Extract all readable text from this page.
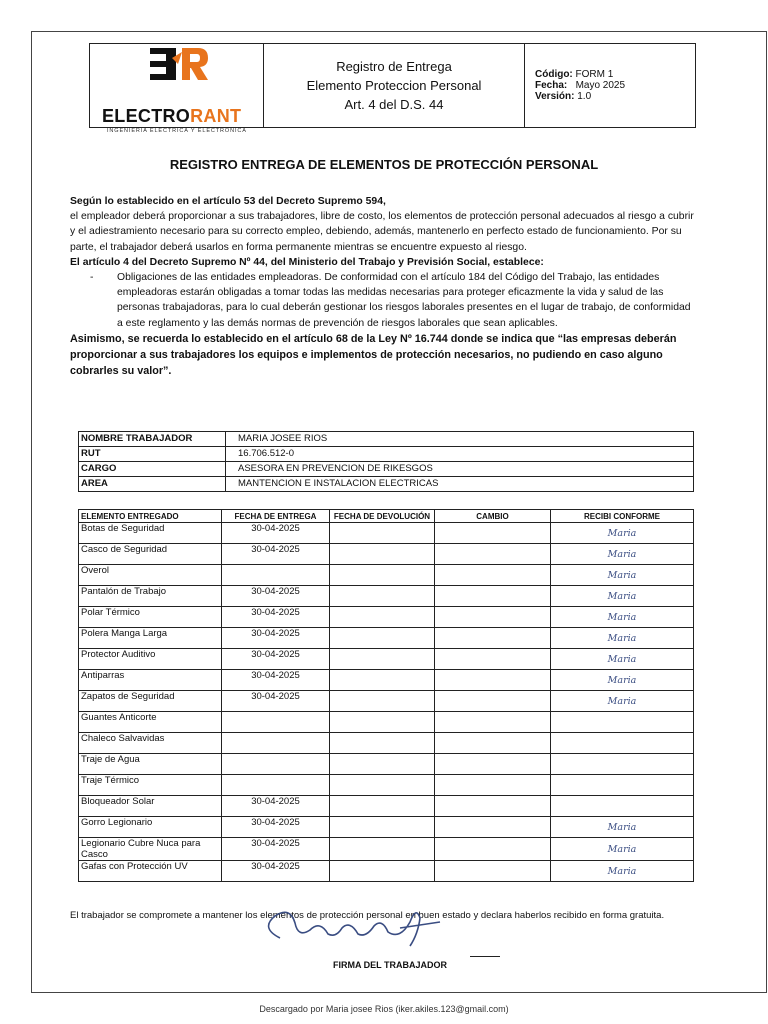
ELECTRORANT
INGENIERIA ELECTRICA Y ELECTRONICA
Registro de Entrega
Elemento Proteccion Personal
Art. 4 del D.S. 44
Código: FORM 1
Fecha: Mayo 2025
Versión: 1.0
REGISTRO ENTREGA DE ELEMENTOS DE PROTECCIÓN PERSONAL

Según lo establecido en el artículo 53 del Decreto Supremo 594,

el empleador deberá proporcionar a sus trabajadores, libre de costo, los elementos de protección personal adecuados al riesgo a cubrir y el adiestramiento necesario para su correcto empleo, debiendo, además, mantenerlo en perfecto estado de funcionamiento. Por su parte, el trabajador deberá usarlos en forma permanente mientras se encuentre expuesto al riesgo.

El artículo 4 del Decreto Supremo Nº 44, del Ministerio del Trabajo y Previsión Social, establece:

-	Obligaciones de las entidades empleadoras. De conformidad con el artículo 184 del Código del Trabajo, las entidades empleadoras estarán obligadas a tomar todas las medidas necesarias para proteger eficazmente la vida y salud de las personas trabajadoras, para lo cual deberán gestionar los riesgos laborales presentes en el lugar de trabajo, de conformidad a este reglamento y las demás normas de prevención de riesgos laborales que sean aplicables.

Asimismo, se recuerda lo establecido en el artículo 68 de la Ley Nº 16.744 donde se indica que “las empresas deberán proporcionar a sus trabajadores los equipos e implementos de protección necesarios, no pudiendo en caso alguno cobrarles su valor”.

NOMBRE TRABAJADOR	MARIA JOSEE RIOS
RUT	16.706.512-0
CARGO	ASESORA EN PREVENCION DE RIKESGOS
AREA	MANTENCION E INSTALACION ELECTRICAS
ELEMENTO ENTREGADO	FECHA DE ENTREGA	FECHA DE DEVOLUCIÓN	CAMBIO	RECIBI CONFORME
Botas de Seguridad	30-04-2025			Maria
Casco de Seguridad	30-04-2025			Maria
Overol				Maria
Pantalón de Trabajo	30-04-2025			Maria
Polar Térmico	30-04-2025			Maria
Polera Manga Larga	30-04-2025			Maria
Protector Auditivo	30-04-2025			Maria
Antiparras	30-04-2025			Maria
Zapatos de Seguridad	30-04-2025			Maria
Guantes Anticorte				
Chaleco Salvavidas				
Traje de Agua				
Traje Térmico				
Bloqueador Solar	30-04-2025			
Gorro Legionario	30-04-2025			Maria
Legionario Cubre Nuca para Casco	30-04-2025			Maria
Gafas con Protección UV	30-04-2025			Maria
El trabajador se compromete a mantener los elementos de protección personal en buen estado y declara haberlos recibido en forma gratuita.
FIRMA DEL TRABAJADOR
Descargado por Maria josee Rios (iker.akiles.123@gmail.com)
